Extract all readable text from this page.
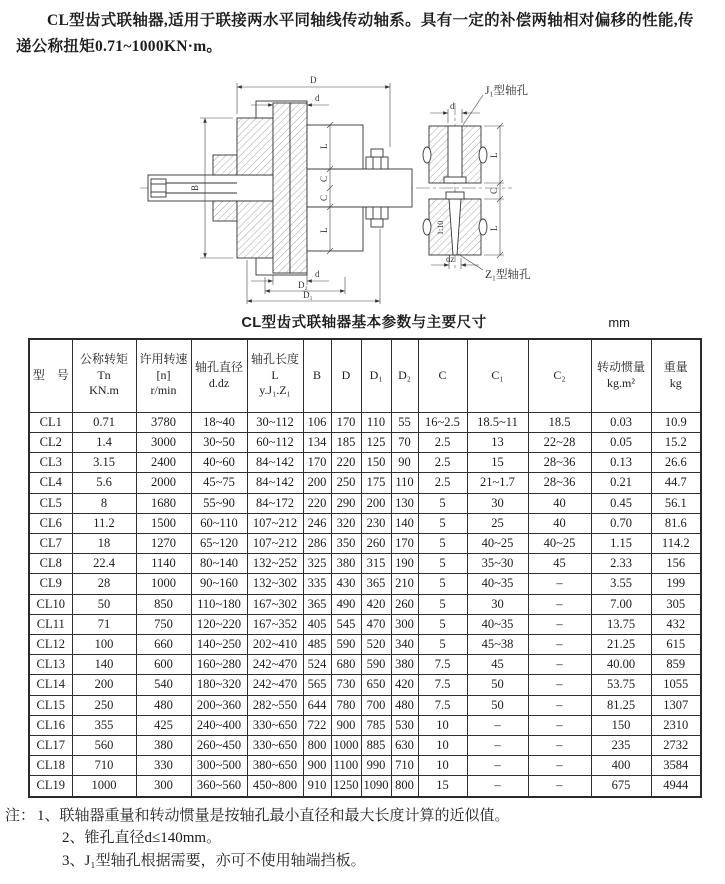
CL型齿式联轴器,适用于联接两水平同轴线传动轴系。具有一定的补偿两轴相对偏移的性能,传递公称扭矩0.71~1000KN·m。

B
D
d
L
C
C
L
d
D₂
D₁
d
dz
L
C
L
1:10
J₁型轴孔
Z₁型轴孔
CL型齿式联轴器基本参数与主要尺寸	mm
型　号	公称转矩
Tn
KN.m	许用转速
[n]
r/min	轴孔直径
d.dz	轴孔长度
L
y.J₁.Z₁	B	D	D₁	D₂	C	C₁	C₂	转动惯量
kg.m²	重量
kg
CL1	0.71	3780	18~40	30~112	106	170	110	55	16~2.5	18.5~11	18.5	0.03	10.9
CL2	1.4	3000	30~50	60~112	134	185	125	70	2.5	13	22~28	0.05	15.2
CL3	3.15	2400	40~60	84~142	170	220	150	90	2.5	15	28~36	0.13	26.6
CL4	5.6	2000	45~75	84~142	200	250	175	110	2.5	21~1.7	28~36	0.21	44.7
CL5	8	1680	55~90	84~172	220	290	200	130	5	30	40	0.45	56.1
CL6	11.2	1500	60~110	107~212	246	320	230	140	5	25	40	0.70	81.6
CL7	18	1270	65~120	107~212	286	350	260	170	5	40~25	40~25	1.15	114.2
CL8	22.4	1140	80~140	132~252	325	380	315	190	5	35~30	45	2.33	156
CL9	28	1000	90~160	132~302	335	430	365	210	5	40~35	–	3.55	199
CL10	50	850	110~180	167~302	365	490	420	260	5	30	–	7.00	305
CL11	71	750	120~220	167~352	405	545	470	300	5	40~35	–	13.75	432
CL12	100	660	140~250	202~410	485	590	520	340	5	45~38	–	21.25	615
CL13	140	600	160~280	242~470	524	680	590	380	7.5	45	–	40.00	859
CL14	200	540	180~320	242~470	565	730	650	420	7.5	50	–	53.75	1055
CL15	250	480	200~360	282~550	644	780	700	480	7.5	50	–	81.25	1307
CL16	355	425	240~400	330~650	722	900	785	530	10	–	–	150	2310
CL17	560	380	260~450	330~650	800	1000	885	630	10	–	–	235	2732
CL18	710	330	300~500	380~650	900	1100	990	710	10	–	–	400	3584
CL19	1000	300	360~560	450~800	910	1250	1090	800	15	–	–	675	4944
注： 1、联轴器重量和转动惯量是按轴孔最小直径和最大长度计算的近似值。
2、锥孔直径d≤140mm。
3、J₁型轴孔根据需要，亦可不使用轴端挡板。
